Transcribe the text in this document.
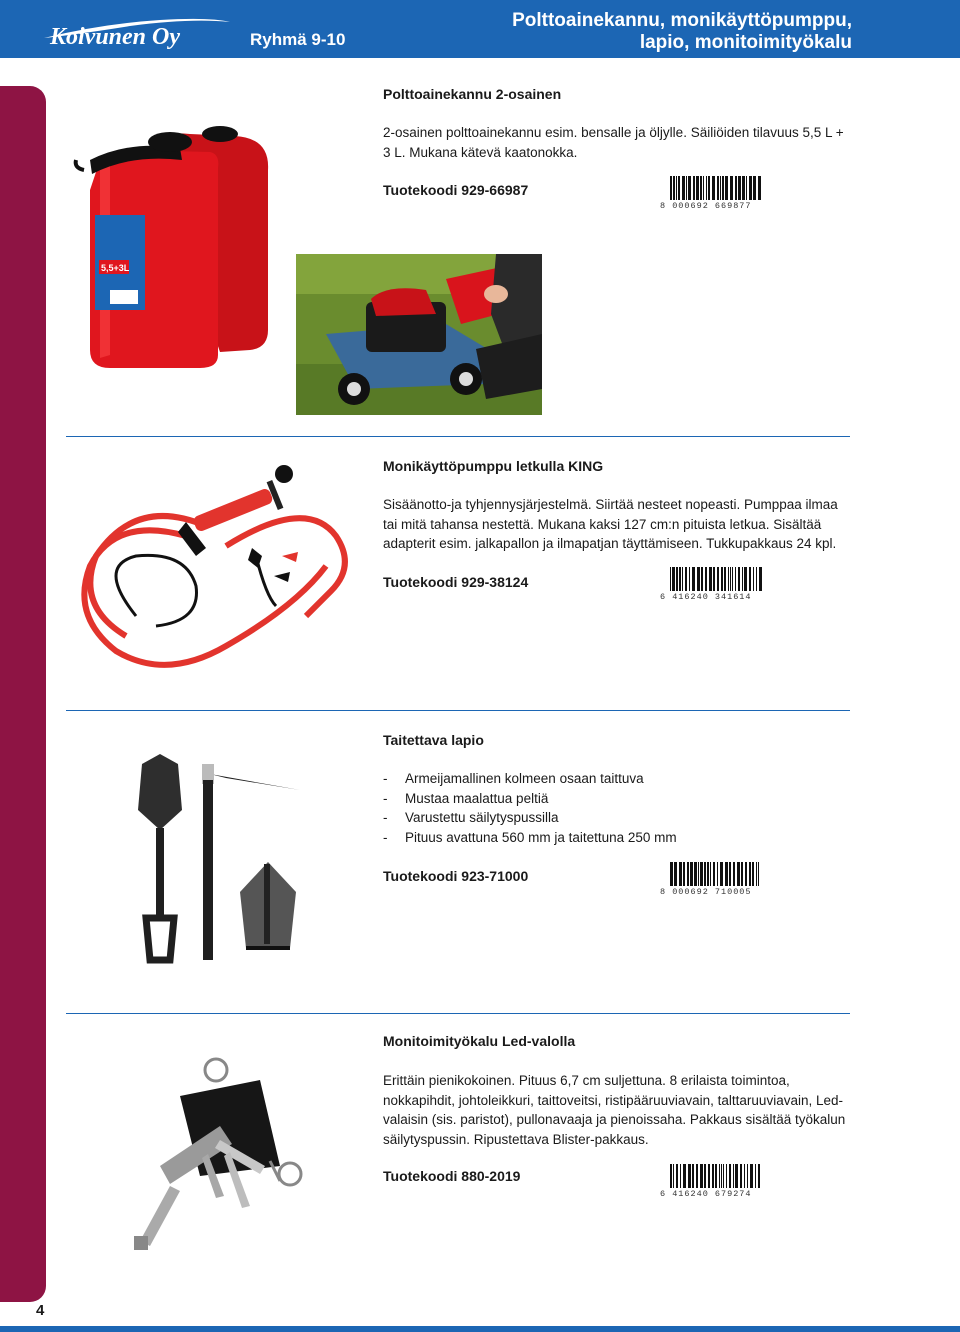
Koivunen Oy	Ryhmä 9-10
Polttoainekannu, monikäyttöpumppu,
lapio, monitoimityökalu
4
Polttoainekannu 2-osainen
2-osainen polttoainekannu esim. bensalle ja öljylle. Säiliöiden tilavuus 5,5 L + 3 L. Mukana kätevä kaatonokka.
Tuotekoodi 929-66987
8 000692 669877
5,5+3L
Monikäyttöpumppu letkulla KING
Sisäänotto-ja tyhjennysjärjestelmä. Siirtää nesteet nopeasti. Pumppaa ilmaa tai mitä tahansa nestettä. Mukana kaksi 127 cm:n pituista letkua. Sisältää adapterit esim. jalkapallon ja ilmapatjan täyttämiseen. Tukkupakkaus 24 kpl.
Tuotekoodi 929-38124
6 416240 341614
Taitettava lapio
- Armeijamallinen kolmeen osaan taittuva
- Mustaa maalattua peltiä
- Varustettu säilytyspussilla
- Pituus avattuna 560 mm ja taitettuna 250 mm
Tuotekoodi 923-71000
8 000692 710005
Monitoimityökalu Led-valolla
Erittäin pienikokoinen. Pituus 6,7 cm suljettuna. 8 erilaista toimintoa, nokkapihdit, johtoleikkuri, taittoveitsi, ristipääruuviavain, talttaruuviavain, Led-valaisin (sis. paristot), pullonavaaja ja pienoissaha. Pakkaus sisältää työkalun säilytyspussin. Ripustettava Blister-pakkaus.
Tuotekoodi 880-2019
6 416240 679274
